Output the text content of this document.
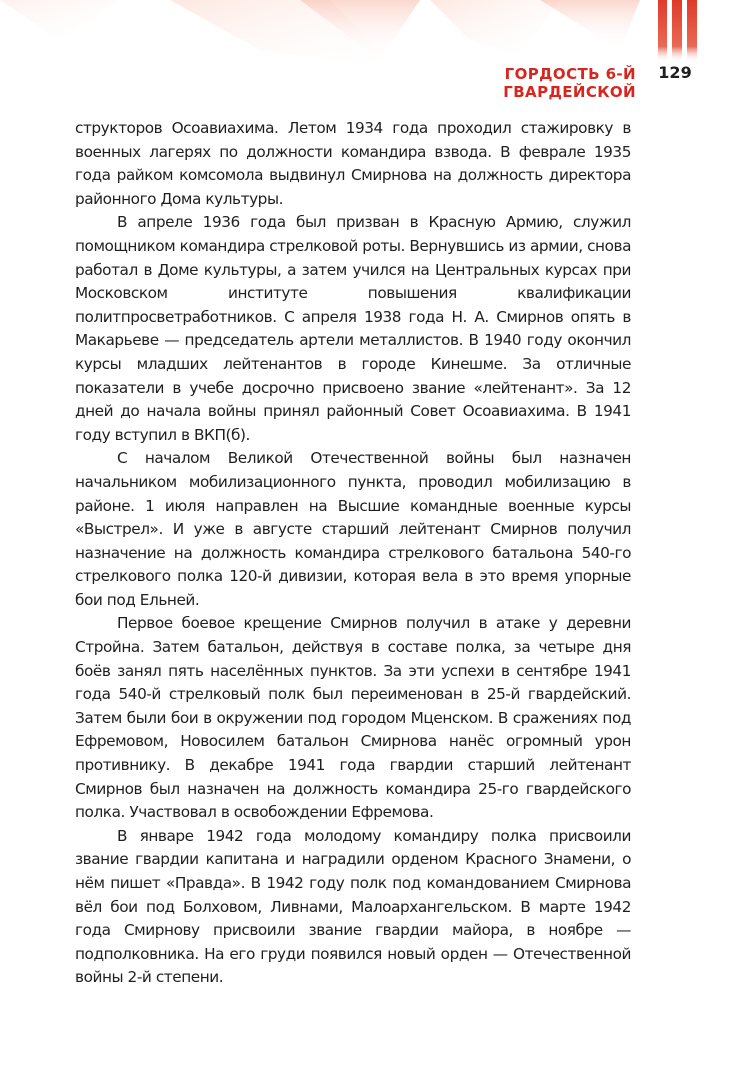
ГОРДОСТЬ 6-Й ГВАРДЕЙСКОЙ
129

структоров Осоавиахима. Летом 1934 года проходил стажировку в военных лагерях по должности командира взвода. В феврале 1935 года райком комсомола выдвинул Смирнова на должность директора районного Дома культуры.

В апреле 1936 года был призван в Красную Армию, служил помощником командира стрелковой роты. Вернувшись из армии, снова работал в Доме культуры, а затем учился на Центральных курсах при Московском институте повышения квалификации политпросветработников. С апреля 1938 года Н. А. Смирнов опять в Макарьеве — председатель артели металлистов. В 1940 году окончил курсы младших лейтенантов в городе Кинешме. За отличные показатели в учебе досрочно присвоено звание «лейтенант». За 12 дней до начала войны принял районный Совет Осоавиахима. В 1941 году вступил в ВКП(б).

С началом Великой Отечественной войны был назначен начальником мобилизационного пункта, проводил мобилизацию в районе. 1 июля направлен на Высшие командные военные курсы «Выстрел». И уже в августе старший лейтенант Смирнов получил назначение на должность командира стрелкового батальона 540-го стрелкового полка 120-й дивизии, которая вела в это время упорные бои под Ельней.

Первое боевое крещение Смирнов получил в атаке у деревни Стройна. Затем батальон, действуя в составе полка, за четыре дня боёв занял пять населённых пунктов. За эти успехи в сентябре 1941 года 540-й стрелковый полк был переименован в 25-й гвардейский. Затем были бои в окружении под городом Мценском. В сражениях под Ефремовом, Новосилем батальон Смирнова нанёс огромный урон противнику. В декабре 1941 года гвардии старший лейтенант Смирнов был назначен на должность командира 25-го гвардейского полка. Участвовал в освобождении Ефремова.

В январе 1942 года молодому командиру полка присвоили звание гвардии капитана и наградили орденом Красного Знамени, о нём пишет «Правда». В 1942 году полк под командованием Смирнова вёл бои под Болховом, Ливнами, Малоархангельском. В марте 1942 года Смирнову присвоили звание гвардии майора, в ноябре — подполковника. На его груди появился новый орден — Отечественной войны 2-й степени.
